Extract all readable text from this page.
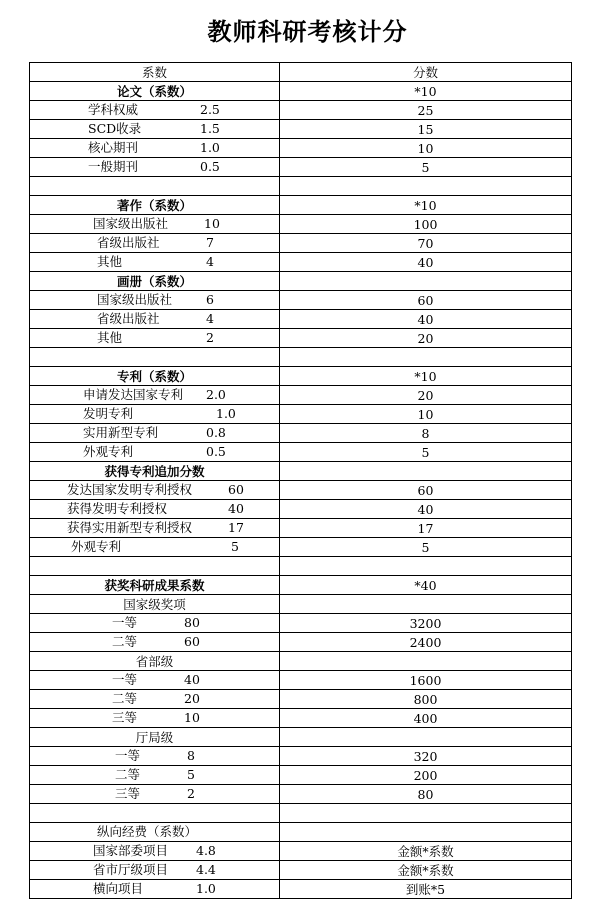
教师科研考核计分
系数	分数

论文（系数）	*10

学科权威 2.5	25

SCD收录 1.5	15

核心期刊 1.0	10

一般期刊 0.5	5

著作（系数）	*10

国家级出版社 10	100

省级出版社 7	70

其他 4	40

画册（系数）	

国家级出版社 6	60

省级出版社 4	40

其他 2	20

专利（系数）	*10

申请发达国家专利 2.0	20

发明专利 1.0	10

实用新型专利 0.8	8

外观专利 0.5	5

获得专利追加分数	

发达国家发明专利授权 60	60

获得发明专利授权 40	40

获得实用新型专利授权 17	17

外观专利 5	5

获奖科研成果系数	*40

国家级奖项	

一等 80	3200

二等 60	2400

省部级	

一等 40	1600

二等 20	800

三等 10	400

厅局级	

一等 8	320

二等 5	200

三等 2	80

纵向经费（系数）	

国家部委项目 4.8	金额*系数

省市厅级项目 4.4	金额*系数

横向项目 1.0	到账*5
